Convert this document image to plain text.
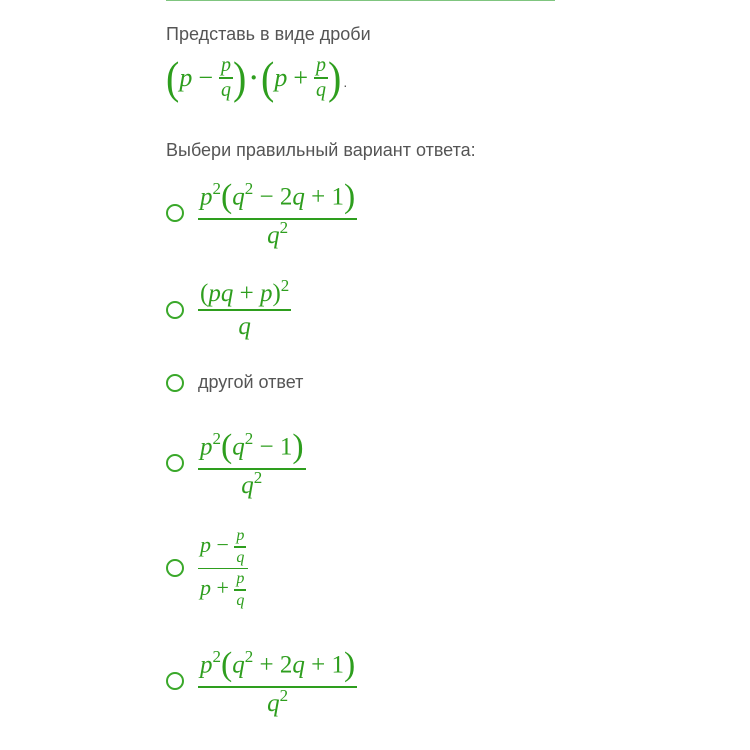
Представь в виде дроби
( $p - \frac{p}{q}$ ) · ( $p + \frac{p}{q}$ ) .
Выбери правильный вариант ответа:
$\frac{p^2(q^2 - 2q + 1)}{q^2}$
$\frac{(pq + p)^2}{q}$
другой ответ
$\frac{p^2(q^2 - 1)}{q^2}$
$\frac{p - \frac{p}{q}}{p + \frac{p}{q}}$
$\frac{p^2(q^2 + 2q + 1)}{q^2}$
